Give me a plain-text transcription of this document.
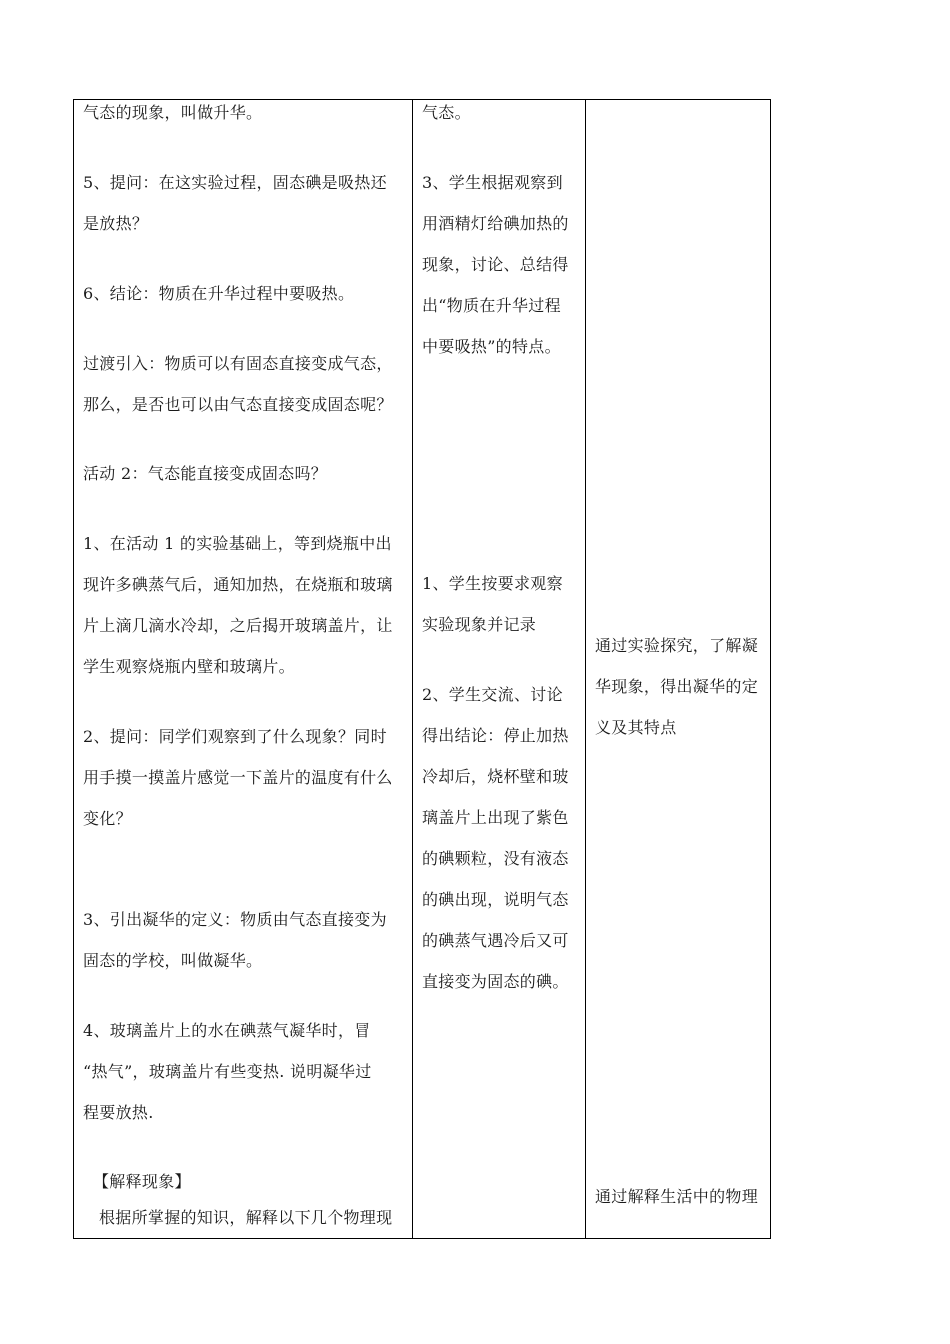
气态的现象，叫做升华。
5、提问：在这实验过程，固态碘是吸热还
是放热？
6、结论：物质在升华过程中要吸热。
过渡引入：物质可以有固态直接变成气态，
那么，是否也可以由气态直接变成固态呢？
活动 2：气态能直接变成固态吗？
1、在活动 1 的实验基础上，等到烧瓶中出
现许多碘蒸气后，通知加热，在烧瓶和玻璃
片上滴几滴水冷却，之后揭开玻璃盖片，让
学生观察烧瓶内壁和玻璃片。
2、提问：同学们观察到了什么现象？同时
用手摸一摸盖片感觉一下盖片的温度有什么
变化？
3、引出凝华的定义：物质由气态直接变为
固态的学校，叫做凝华。
4、玻璃盖片上的水在碘蒸气凝华时，冒
“热气”，玻璃盖片有些变热. 说明凝华过
程要放热.
【解释现象】
根据所掌握的知识，解释以下几个物理现
气态。
3、学生根据观察到
用酒精灯给碘加热的
现象，讨论、总结得
出“物质在升华过程
中要吸热”的特点。
1、学生按要求观察
实验现象并记录
2、学生交流、讨论
得出结论：停止加热
冷却后，烧杯壁和玻
璃盖片上出现了紫色
的碘颗粒，没有液态
的碘出现，说明气态
的碘蒸气遇冷后又可
直接变为固态的碘。
通过实验探究，了解凝
华现象，得出凝华的定
义及其特点
通过解释生活中的物理
